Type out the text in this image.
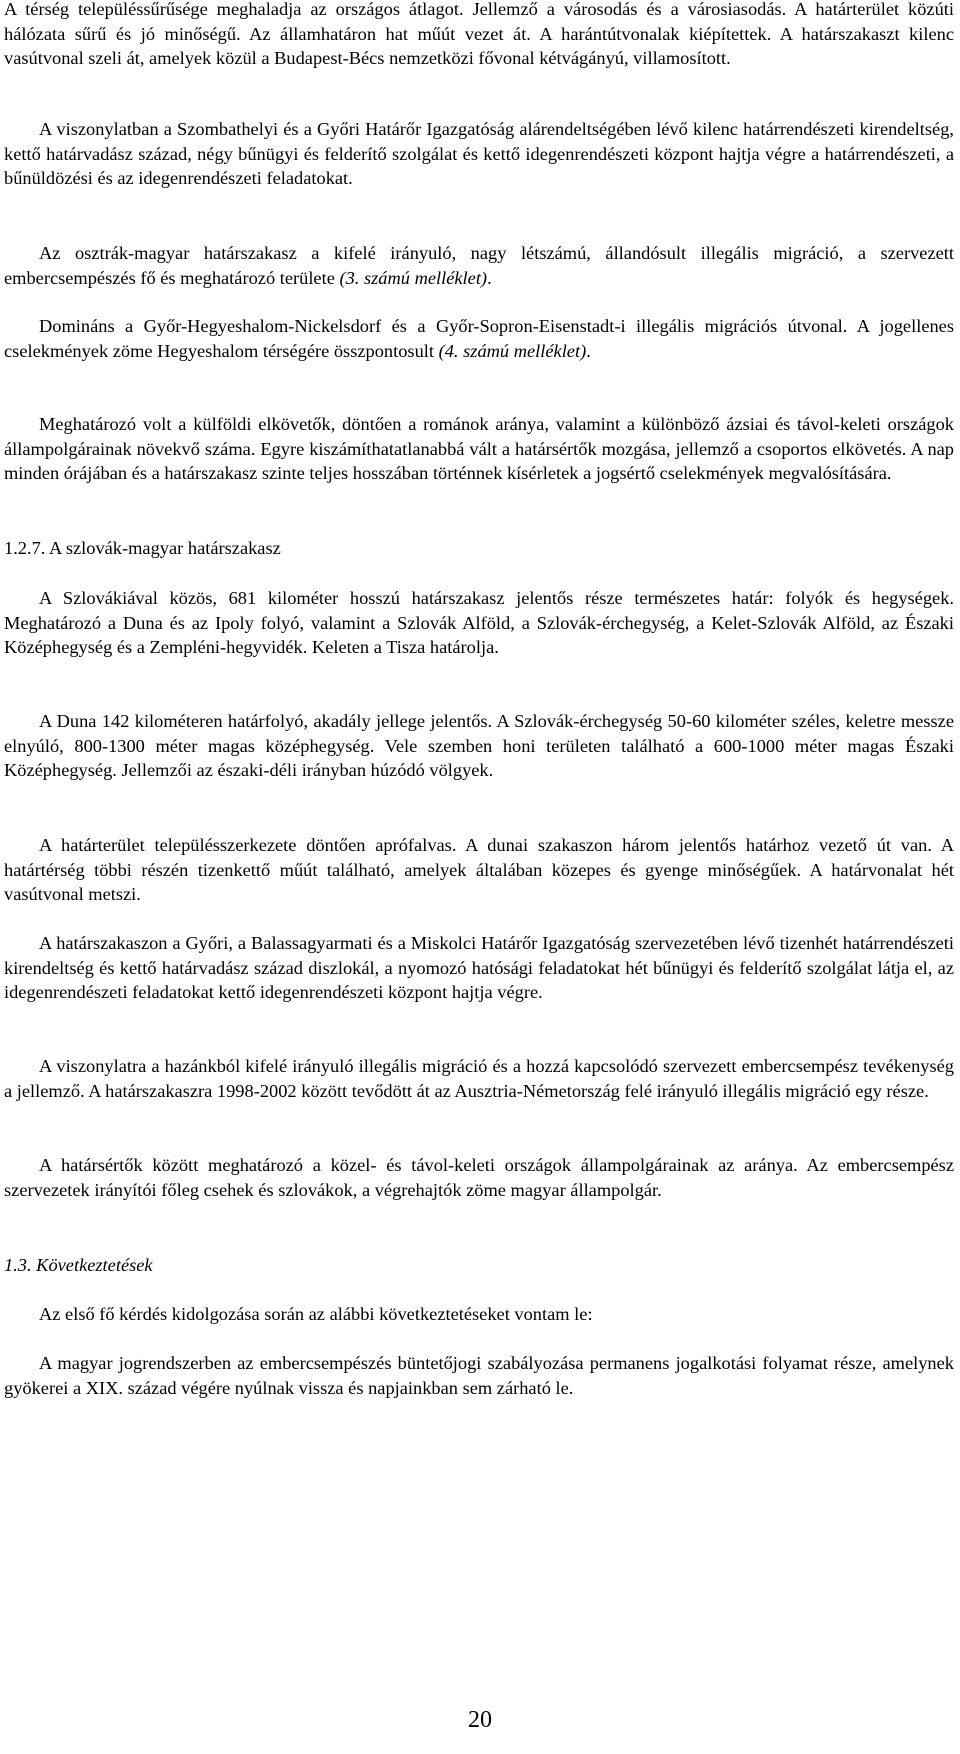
A térség településsűrűsége meghaladja az országos átlagot. Jellemző a városodás és a városiasodás. A határterület közúti hálózata sűrű és jó minőségű. Az államhatáron hat műút vezet át. A harántútvonalak kiépítettek. A határszakaszt kilenc vasútvonal szeli át, amelyek közül a Budapest-Bécs nemzetközi fővonal kétvágányú, villamosított.

A viszonylatban a Szombathelyi és a Győri Határőr Igazgatóság alárendeltségében lévő kilenc határrendészeti kirendeltség, kettő határvadász század, négy bűnügyi és felderítő szolgálat és kettő idegenrendészeti központ hajtja végre a határrendészeti, a bűnüldözési és az idegenrendészeti feladatokat.

Az osztrák-magyar határszakasz a kifelé irányuló, nagy létszámú, állandósult illegális migráció, a szervezett embercsempészés fő és meghatározó területe (3. számú melléklet).

Domináns a Győr-Hegyeshalom-Nickelsdorf és a Győr-Sopron-Eisenstadt-i illegális migrációs útvonal. A jogellenes cselekmények zöme Hegyeshalom térségére összpontosult (4. számú melléklet).

Meghatározó volt a külföldi elkövetők, döntően a románok aránya, valamint a különböző ázsiai és távol-keleti országok állampolgárainak növekvő száma. Egyre kiszámíthatatlanabbá vált a határsértők mozgása, jellemző a csoportos elkövetés. A nap minden órájában és a határszakasz szinte teljes hosszában történnek kísérletek a jogsértő cselekmények megvalósítására.

1.2.7. A szlovák-magyar határszakasz

A Szlovákiával közös, 681 kilométer hosszú határszakasz jelentős része természetes határ: folyók és hegységek. Meghatározó a Duna és az Ipoly folyó, valamint a Szlovák Alföld, a Szlovák-érchegység, a Kelet-Szlovák Alföld, az Északi Középhegység és a Zempléni-hegyvidék. Keleten a Tisza határolja.

A Duna 142 kilométeren határfolyó, akadály jellege jelentős. A Szlovák-érchegység 50-60 kilométer széles, keletre messze elnyúló, 800-1300 méter magas középhegység. Vele szemben honi területen található a 600-1000 méter magas Északi Középhegység. Jellemzői az északi-déli irányban húzódó völgyek.

A határterület településszerkezete döntően aprófalvas. A dunai szakaszon három jelentős határhoz vezető út van. A határtérség többi részén tizenkettő műút található, amelyek általában közepes és gyenge minőségűek. A határvonalat hét vasútvonal metszi.

A határszakaszon a Győri, a Balassagyarmati és a Miskolci Határőr Igazgatóság szervezetében lévő tizenhét határrendészeti kirendeltség és kettő határvadász század diszlokál, a nyomozó hatósági feladatokat hét bűnügyi és felderítő szolgálat látja el, az idegenrendészeti feladatokat kettő idegenrendészeti központ hajtja végre.

A viszonylatra a hazánkból kifelé irányuló illegális migráció és a hozzá kapcsolódó szervezett embercsempész tevékenység a jellemző. A határszakaszra 1998-2002 között tevődött át az Ausztria-Németország felé irányuló illegális migráció egy része.

A határsértők között meghatározó a közel- és távol-keleti országok állampolgárainak az aránya. Az embercsempész szervezetek irányítói főleg csehek és szlovákok, a végrehajtók zöme magyar állampolgár.

1.3. Következtetések

Az első fő kérdés kidolgozása során az alábbi következtetéseket vontam le:

A magyar jogrendszerben az embercsempészés büntetőjogi szabályozása permanens jogalkotási folyamat része, amelynek gyökerei a XIX. század végére nyúlnak vissza és napjainkban sem zárható le.

20
